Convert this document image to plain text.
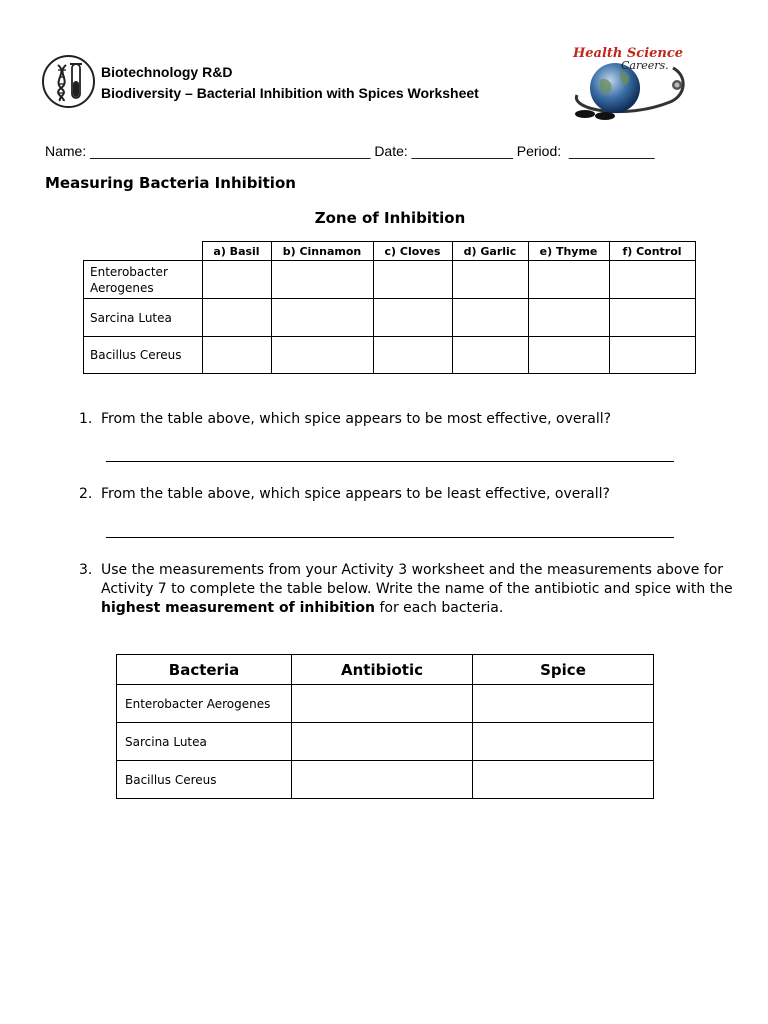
Biotechnology R&D
Biodiversity – Bacterial Inhibition with Spices Worksheet
Health Science
Careers.
Name: ____________________________________ Date: _____________ Period:  ___________
Measuring Bacteria Inhibition
Zone of Inhibition
	a) Basil	b) Cinnamon	c) Cloves	d) Garlic	e) Thyme	f) Control

Enterobacter
Aerogenes						

Sarcina Lutea						
Bacillus Cereus						
1. From the table above, which spice appears to be most effective, overall?
2. From the table above, which spice appears to be least effective, overall?
3. Use the measurements from your Activity 3 worksheet and the measurements above for Activity 7 to complete the table below. Write the name of the antibiotic and spice with the highest measurement of inhibition for each bacteria.
Bacteria	Antibiotic	Spice
Enterobacter Aerogenes		
Sarcina Lutea		
Bacillus Cereus		
